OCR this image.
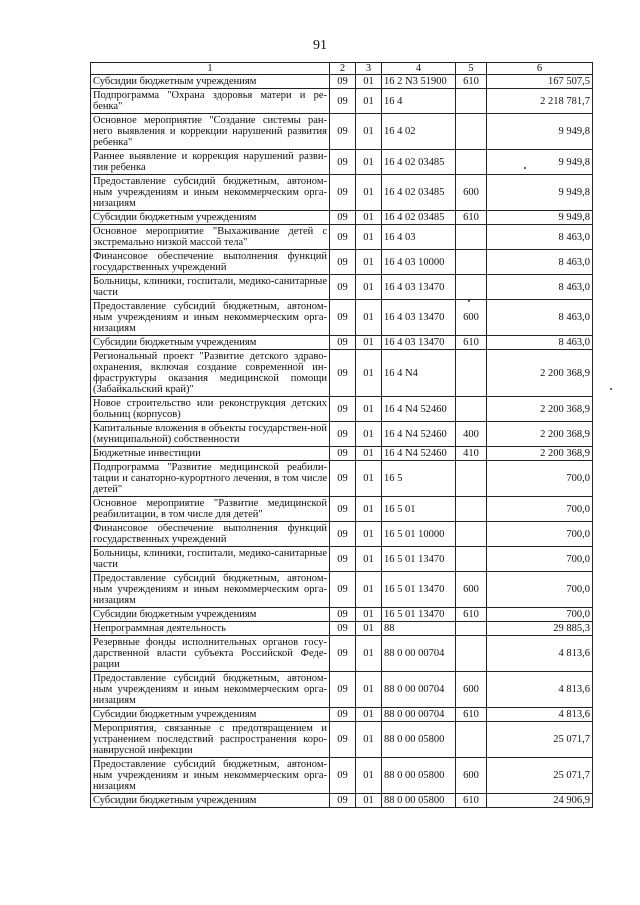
91
1	2	3	4	5	6
Субсидии бюджетным учреждениям	09	01	16 2 N3 51900	610	167 507,5
Подпрограмма "Охрана здоровья матери и ре-бенка"	09	01	16 4		2 218 781,7
Основное мероприятие "Создание системы ран-него выявления и коррекции нарушений развития ребенка"	09	01	16 4 02		9 949,8
Раннее выявление и коррекция нарушений разви-тия ребенка	09	01	16 4 02 03485		9 949,8
Предоставление субсидий бюджетным, автоном-ным учреждениям и иным некоммерческим орга-низациям	09	01	16 4 02 03485	600	9 949,8
Субсидии бюджетным учреждениям	09	01	16 4 02 03485	610	9 949,8
Основное мероприятие "Выхаживание детей с экстремально низкой массой тела"	09	01	16 4 03		8 463,0
Финансовое обеспечение выполнения функций государственных учреждений	09	01	16 4 03 10000		8 463,0
Больницы, клиники, госпитали, медико-санитарные части	09	01	16 4 03 13470		8 463,0
Предоставление субсидий бюджетным, автоном-ным учреждениям и иным некоммерческим орга-низациям	09	01	16 4 03 13470	600	8 463,0
Субсидии бюджетным учреждениям	09	01	16 4 03 13470	610	8 463,0
Региональный проект "Развитие детского здраво-охранения, включая создание современной ин-фраструктуры оказания медицинской помощи (Забайкальский край)"	09	01	16 4 N4		2 200 368,9
Новое строительство или реконструкция детских больниц (корпусов)	09	01	16 4 N4 52460		2 200 368,9
Капитальные вложения в объекты государствен-ной (муниципальной) собственности	09	01	16 4 N4 52460	400	2 200 368,9
Бюджетные инвестиции	09	01	16 4 N4 52460	410	2 200 368,9
Подпрограмма "Развитие медицинской реабили-тации и санаторно-курортного лечения, в том числе детей"	09	01	16 5		700,0
Основное мероприятие "Развитие медицинской реабилитации, в том числе для детей"	09	01	16 5 01		700,0
Финансовое обеспечение выполнения функций государственных учреждений	09	01	16 5 01 10000		700,0
Больницы, клиники, госпитали, медико-санитарные части	09	01	16 5 01 13470		700,0
Предоставление субсидий бюджетным, автоном-ным учреждениям и иным некоммерческим орга-низациям	09	01	16 5 01 13470	600	700,0
Субсидии бюджетным учреждениям	09	01	16 5 01 13470	610	700,0
Непрограммная деятельность	09	01	88		29 885,3
Резервные фонды исполнительных органов госу-дарственной власти субъекта Российской Феде-рации	09	01	88 0 00 00704		4 813,6
Предоставление субсидий бюджетным, автоном-ным учреждениям и иным некоммерческим орга-низациям	09	01	88 0 00 00704	600	4 813,6
Субсидии бюджетным учреждениям	09	01	88 0 00 00704	610	4 813,6
Мероприятия, связанные с предотвращением и устранением последствий распространения коро-навирусной инфекции	09	01	88 0 00 05800		25 071,7
Предоставление субсидий бюджетным, автоном-ным учреждениям и иным некоммерческим орга-низациям	09	01	88 0 00 05800	600	25 071,7
Субсидии бюджетным учреждениям	09	01	88 0 00 05800	610	24 906,9
